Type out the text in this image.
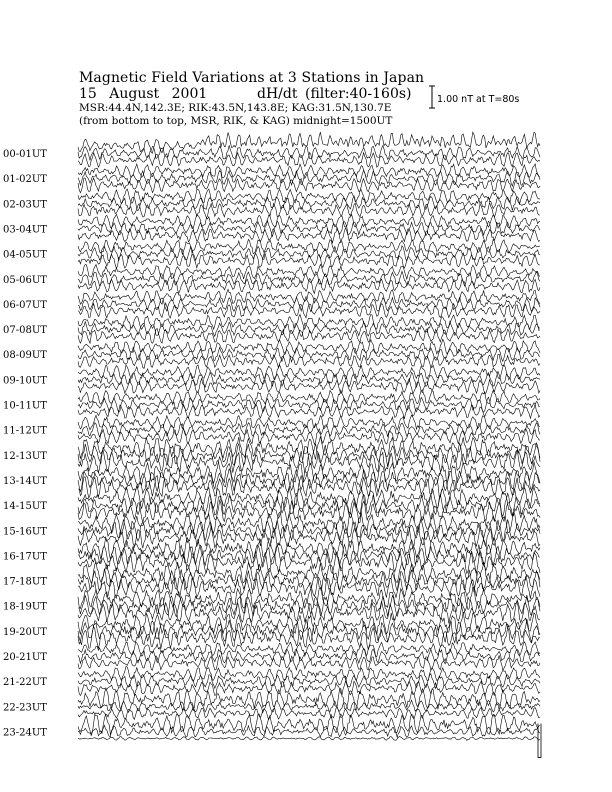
Magnetic Field Variations at 3 Stations in Japan
15 August 2001	dH/dt (filter:40-160s)
MSR:44.4N,142.3E; RIK:43.5N,143.8E; KAG:31.5N,130.7E
(from bottom to top, MSR, RIK, & KAG) midnight=1500UT
1.00 nT at T=80s
00-01UT
01-02UT
02-03UT
03-04UT
04-05UT
05-06UT
06-07UT
07-08UT
08-09UT
09-10UT
10-11UT
11-12UT
12-13UT
13-14UT
14-15UT
15-16UT
16-17UT
17-18UT
18-19UT
19-20UT
20-21UT
21-22UT
22-23UT
23-24UT
